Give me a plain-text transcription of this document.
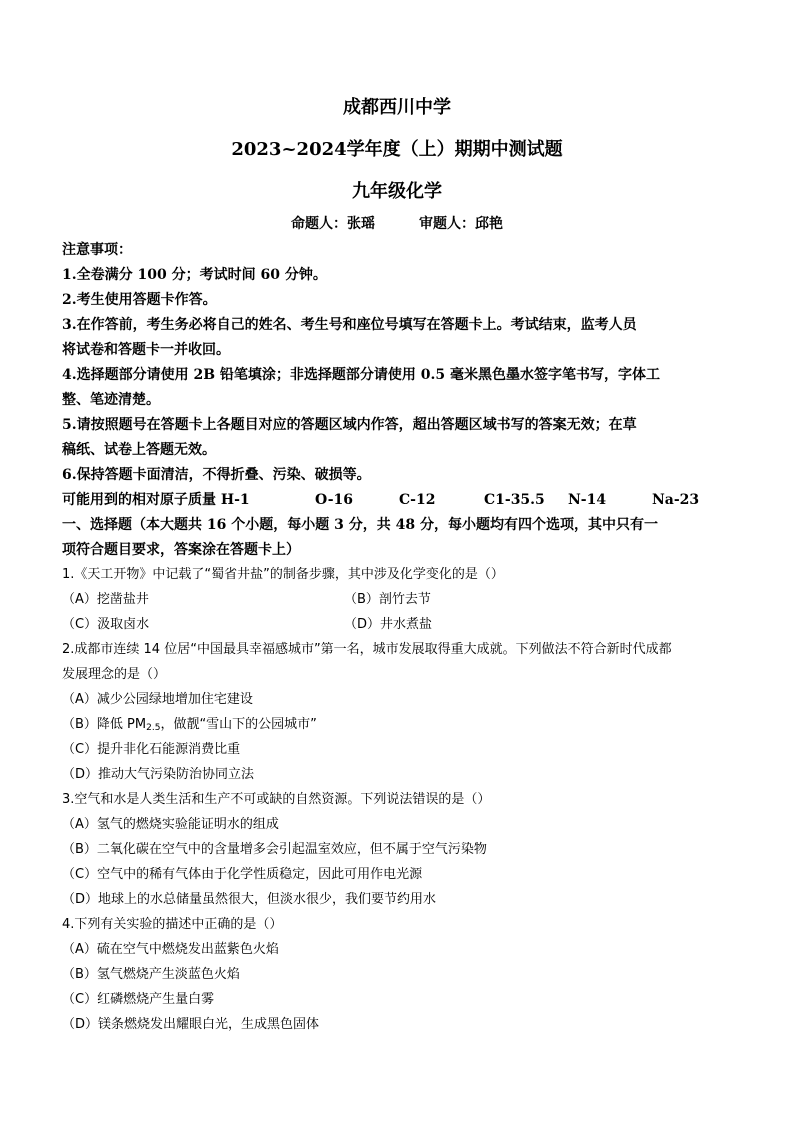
成都西川中学
2023~2024学年度（上）期期中测试题
九年级化学
命题人：张瑶	审题人：邱艳
注意事项：
1.全卷满分 100 分；考试时间 60 分钟。
2.考生使用答题卡作答。
3.在作答前，考生务必将自己的姓名、考生号和座位号填写在答题卡上。考试结束，监考人员
将试卷和答题卡一并收回。
4.选择题部分请使用 2B 铅笔填涂；非选择题部分请使用 0.5 毫米黑色墨水签字笔书写，字体工
整、笔迹清楚。
5.请按照题号在答题卡上各题目对应的答题区域内作答，超出答题区域书写的答案无效；在草
稿纸、试卷上答题无效。
6.保持答题卡面清洁，不得折叠、污染、破损等。
可能用到的相对原子质量 H-1	O-16	C-12	C1-35.5 N-14	Na-23
一、选择题（本大题共 16 个小题，每小题 3 分，共 48 分，每小题均有四个选项，其中只有一
项符合题目要求，答案涂在答题卡上）
1.《天工开物》中记载了“蜀省井盐”的制备步骤，其中涉及化学变化的是（）
（A）挖凿盐井	（B）剖竹去节
（C）汲取卤水	（D）井水煮盐
2.成都市连续 14 位居“中国最具幸福感城市”第一名，城市发展取得重大成就。下列做法不符合新时代成都
发展理念的是（）
（A）减少公园绿地增加住宅建设
（B）降低 $PM_{2.5}$，做靓“雪山下的公园城市”
（C）提升非化石能源消费比重
（D）推动大气污染防治协同立法
3.空气和水是人类生活和生产不可或缺的自然资源。下列说法错误的是（）
（A）氢气的燃烧实验能证明水的组成
（B）二氧化碳在空气中的含量增多会引起温室效应，但不属于空气污染物
（C）空气中的稀有气体由于化学性质稳定，因此可用作电光源
（D）地球上的水总储量虽然很大，但淡水很少，我们要节约用水
4.下列有关实验的描述中正确的是（）
（A）硫在空气中燃烧发出蓝紫色火焰
（B）氢气燃烧产生淡蓝色火焰
（C）红磷燃烧产生量白雾
（D）镁条燃烧发出耀眼白光，生成黑色固体
